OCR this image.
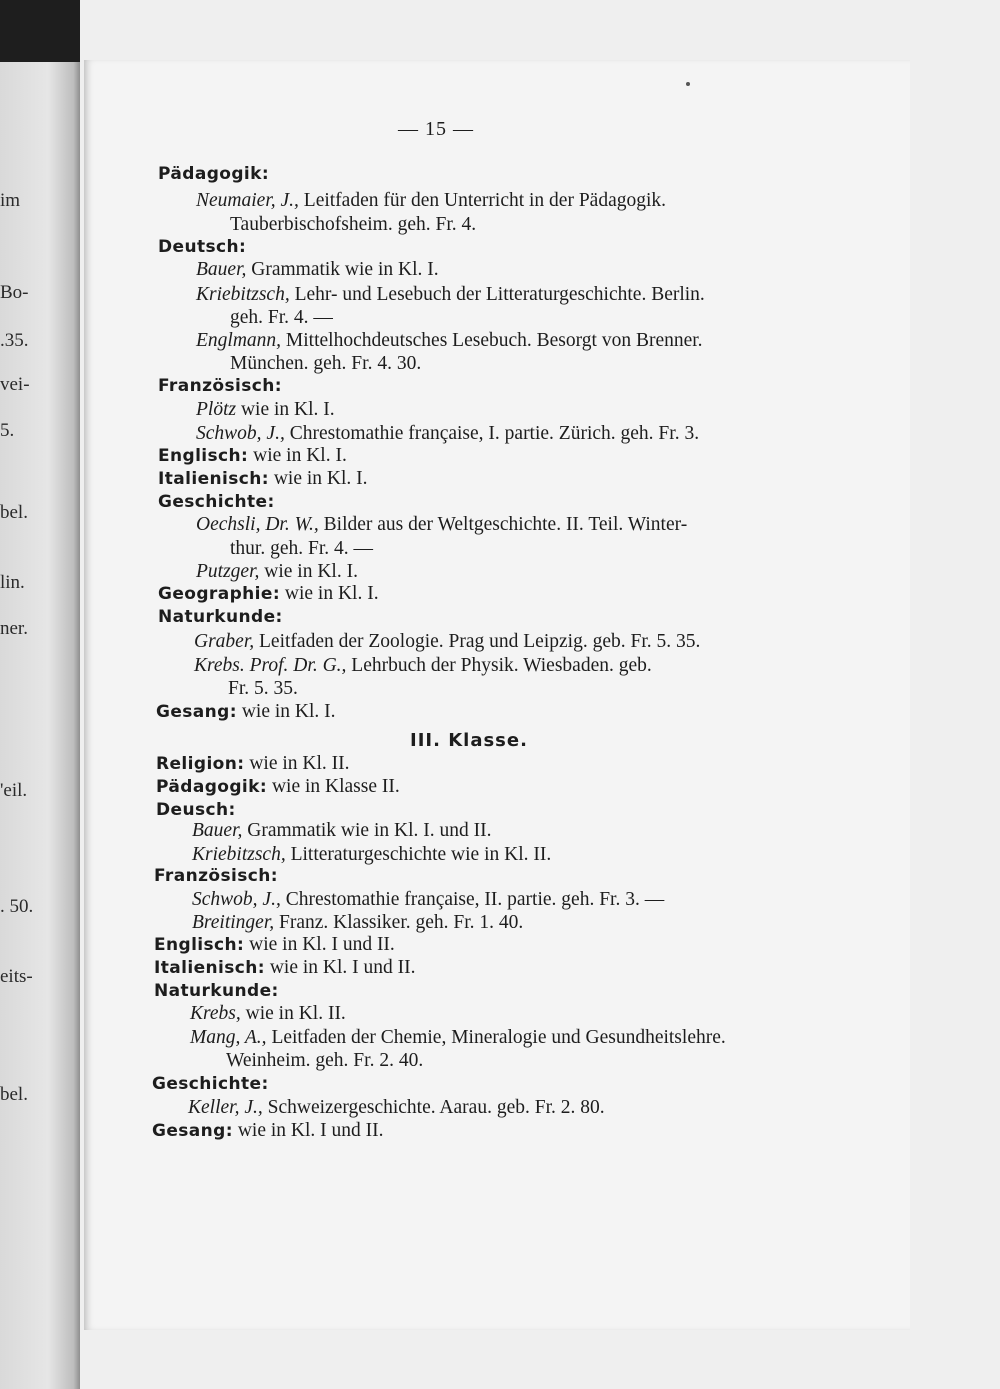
im
Bo-
.35.
vei-
5.
bel.
lin.
ner.
'eil.
. 50.
eits-
bel.
— 15 —
Pädagogik:
Neumaier, J., Leitfaden für den Unterricht in der Pädagogik.
Tauberbischofsheim. geh. Fr. 4.
Deutsch:
Bauer, Grammatik wie in Kl. I.
Kriebitzsch, Lehr- und Lesebuch der Litteraturgeschichte. Berlin.
geh. Fr. 4. —
Englmann, Mittelhochdeutsches Lesebuch. Besorgt von Brenner.
München. geh. Fr. 4. 30.
Französisch:
Plötz wie in Kl. I.
Schwob, J., Chrestomathie française, I. partie. Zürich. geh. Fr. 3.
Englisch: wie in Kl. I.
Italienisch: wie in Kl. I.
Geschichte:
Oechsli, Dr. W., Bilder aus der Weltgeschichte. II. Teil. Winter-
thur. geh. Fr. 4. —
Putzger, wie in Kl. I.
Geographie: wie in Kl. I.
Naturkunde:
Graber, Leitfaden der Zoologie. Prag und Leipzig. geb. Fr. 5. 35.
Krebs. Prof. Dr. G., Lehrbuch der Physik. Wiesbaden. geb.
Fr. 5. 35.
Gesang: wie in Kl. I.
III. Klasse.
Religion: wie in Kl. II.
Pädagogik: wie in Klasse II.
Deusch:
Bauer, Grammatik wie in Kl. I. und II.
Kriebitzsch, Litteraturgeschichte wie in Kl. II.
Französisch:
Schwob, J., Chrestomathie française, II. partie. geh. Fr. 3. —
Breitinger, Franz. Klassiker. geh. Fr. 1. 40.
Englisch: wie in Kl. I und II.
Italienisch: wie in Kl. I und II.
Naturkunde:
Krebs, wie in Kl. II.
Mang, A., Leitfaden der Chemie, Mineralogie und Gesundheitslehre.
Weinheim. geh. Fr. 2. 40.
Geschichte:
Keller, J., Schweizergeschichte. Aarau. geb. Fr. 2. 80.
Gesang: wie in Kl. I und II.
